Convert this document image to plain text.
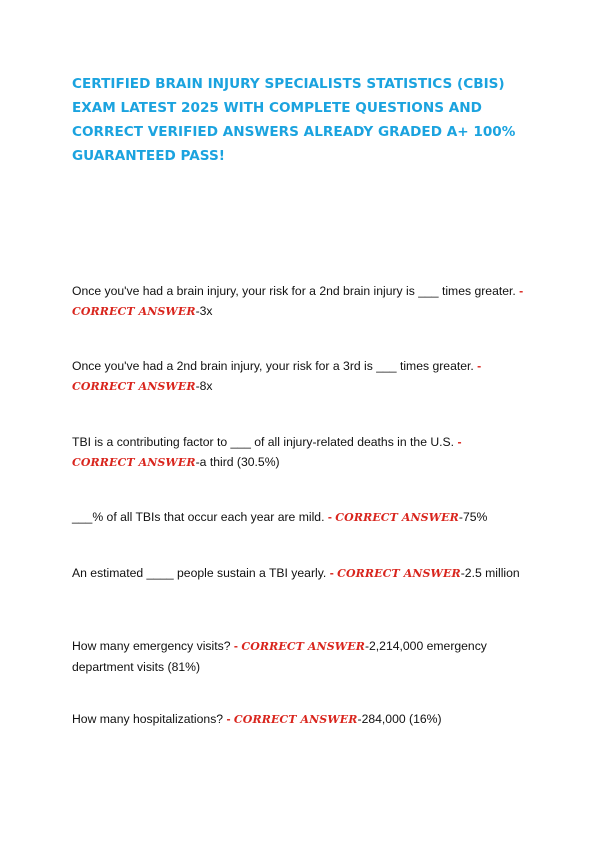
CERTIFIED BRAIN INJURY SPECIALISTS STATISTICS (CBIS) EXAM LATEST 2025 WITH COMPLETE QUESTIONS AND CORRECT VERIFIED ANSWERS ALREADY GRADED A+ 100% GUARANTEED PASS!

Once you've had a brain injury, your risk for a 2nd brain injury is ___ times greater. - CORRECT ANSWER-3x

Once you've had a 2nd brain injury, your risk for a 3rd is ___ times greater. - CORRECT ANSWER-8x

TBI is a contributing factor to ___ of all injury-related deaths in the U.S. - CORRECT ANSWER-a third (30.5%)

___% of all TBIs that occur each year are mild. - CORRECT ANSWER-75%

An estimated ____ people sustain a TBI yearly. - CORRECT ANSWER-2.5 million

How many emergency visits? - CORRECT ANSWER-2,214,000 emergency department visits (81%)

How many hospitalizations? - CORRECT ANSWER-284,000 (16%)
